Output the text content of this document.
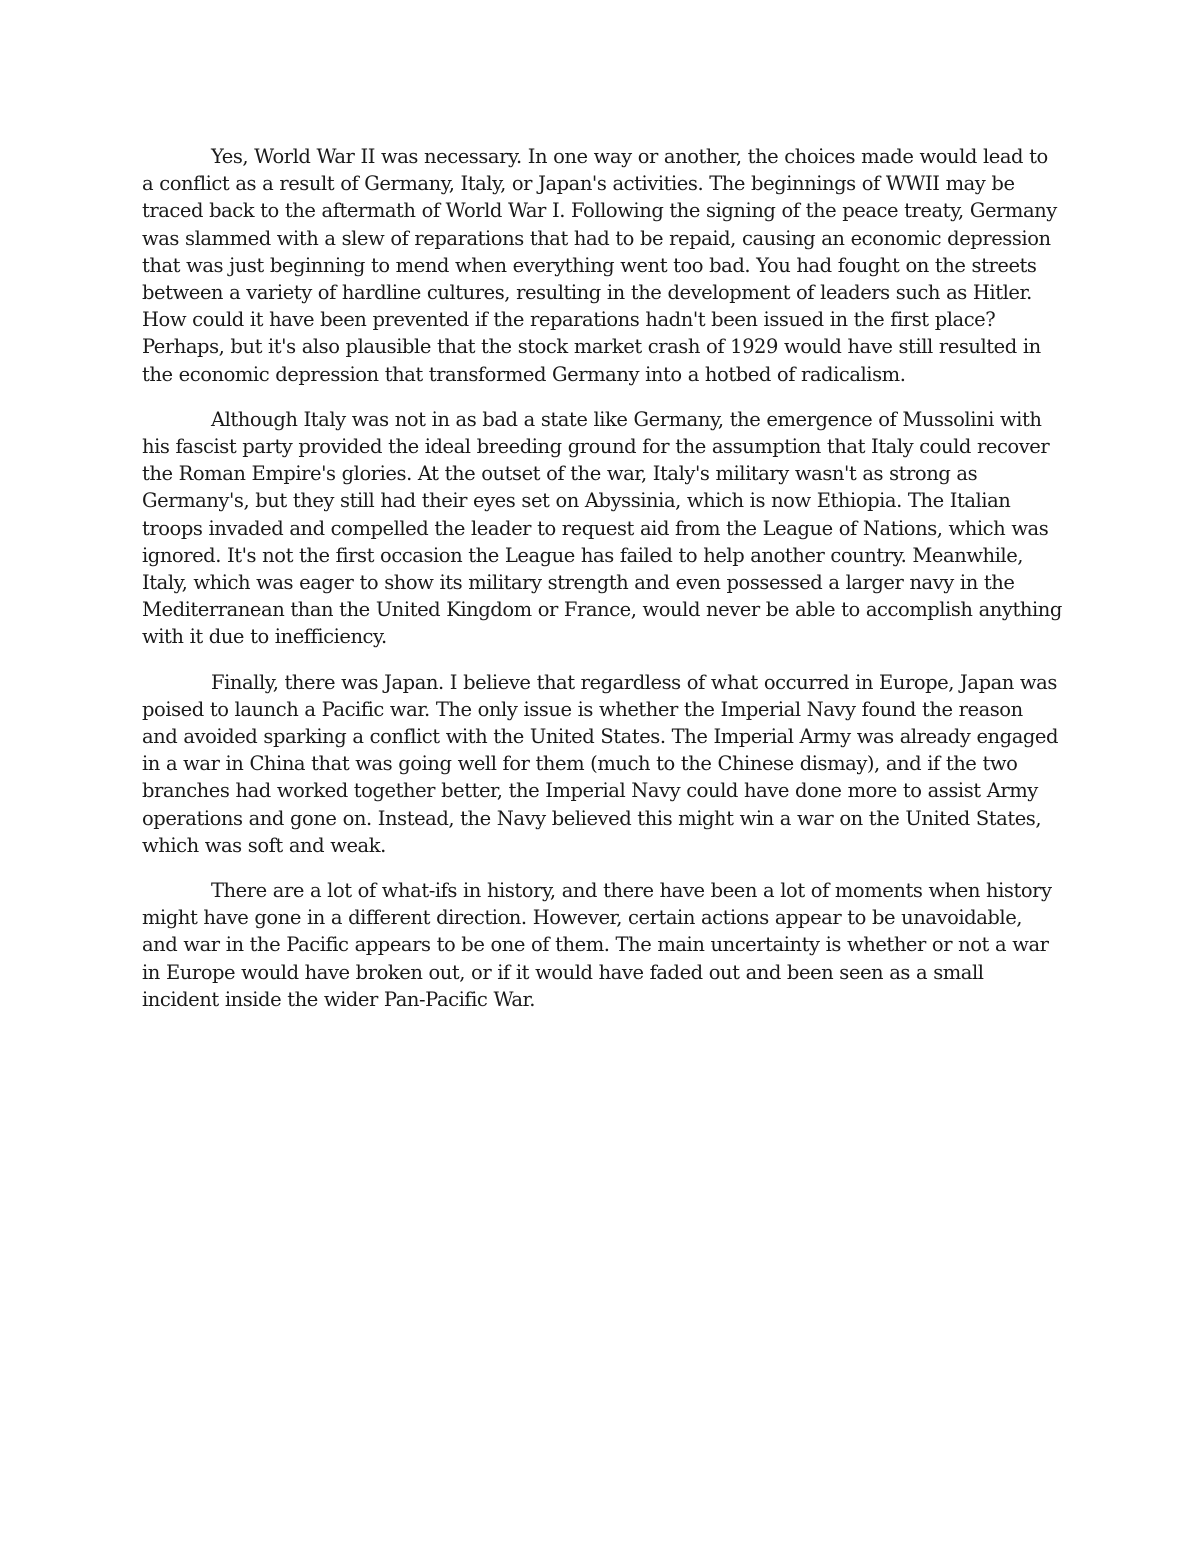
Yes, World War II was necessary. In one way or another, the choices made would lead to a conflict as a result of Germany, Italy, or Japan's activities. The beginnings of WWII may be traced back to the aftermath of World War I. Following the signing of the peace treaty, Germany was slammed with a slew of reparations that had to be repaid, causing an economic depression that was just beginning to mend when everything went too bad. You had fought on the streets between a variety of hardline cultures, resulting in the development of leaders such as Hitler. How could it have been prevented if the reparations hadn't been issued in the first place? Perhaps, but it's also plausible that the stock market crash of 1929 would have still resulted in the economic depression that transformed Germany into a hotbed of radicalism.

Although Italy was not in as bad a state like Germany, the emergence of Mussolini with his fascist party provided the ideal breeding ground for the assumption that Italy could recover the Roman Empire's glories. At the outset of the war, Italy's military wasn't as strong as Germany's, but they still had their eyes set on Abyssinia, which is now Ethiopia. The Italian troops invaded and compelled the leader to request aid from the League of Nations, which was ignored. It's not the first occasion the League has failed to help another country. Meanwhile, Italy, which was eager to show its military strength and even possessed a larger navy in the Mediterranean than the United Kingdom or France, would never be able to accomplish anything with it due to inefficiency.

Finally, there was Japan. I believe that regardless of what occurred in Europe, Japan was poised to launch a Pacific war. The only issue is whether the Imperial Navy found the reason and avoided sparking a conflict with the United States. The Imperial Army was already engaged in a war in China that was going well for them (much to the Chinese dismay), and if the two branches had worked together better, the Imperial Navy could have done more to assist Army operations and gone on. Instead, the Navy believed this might win a war on the United States, which was soft and weak.

There are a lot of what-ifs in history, and there have been a lot of moments when history might have gone in a different direction. However, certain actions appear to be unavoidable, and war in the Pacific appears to be one of them. The main uncertainty is whether or not a war in Europe would have broken out, or if it would have faded out and been seen as a small incident inside the wider Pan-Pacific War.
